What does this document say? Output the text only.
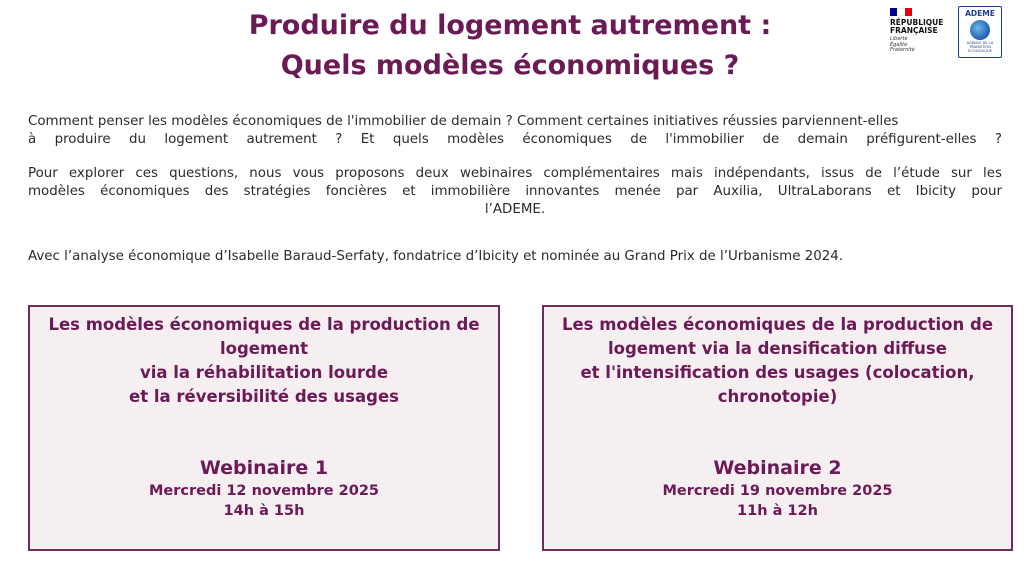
Produire du logement autrement :
Quels modèles économiques ?
RÉPUBLIQUE
FRANÇAISE
Liberté
Égalité
Fraternité
ADEME
AGENCE DE LA TRANSITION ÉCOLOGIQUE

Comment penser les modèles économiques de l'immobilier de demain ? Comment certaines initiatives réussies parviennent-elles

à produire du logement autrement ? Et quels modèles économiques de l'immobilier de demain préfigurent-elles ?

Pour explorer ces questions, nous vous proposons deux webinaires complémentaires mais indépendants, issus de l’étude sur les
modèles économiques des stratégies foncières et immobilière innovantes menée par Auxilia, UltraLaborans et Ibicity pour
l’ADEME.

Avec l’analyse économique d’Isabelle Baraud-Serfaty, fondatrice d’Ibicity et nominée au Grand Prix de l’Urbanisme 2024.

Les modèles économiques de la production de
logement
via la réhabilitation lourde
et la réversibilité des usages

Webinaire 1

Mercredi 12 novembre 2025

14h à 15h

Les modèles économiques de la production de
logement via la densification diffuse
et l'intensification des usages (colocation,
chronotopie)

Webinaire 2

Mercredi 19 novembre 2025

11h à 12h
